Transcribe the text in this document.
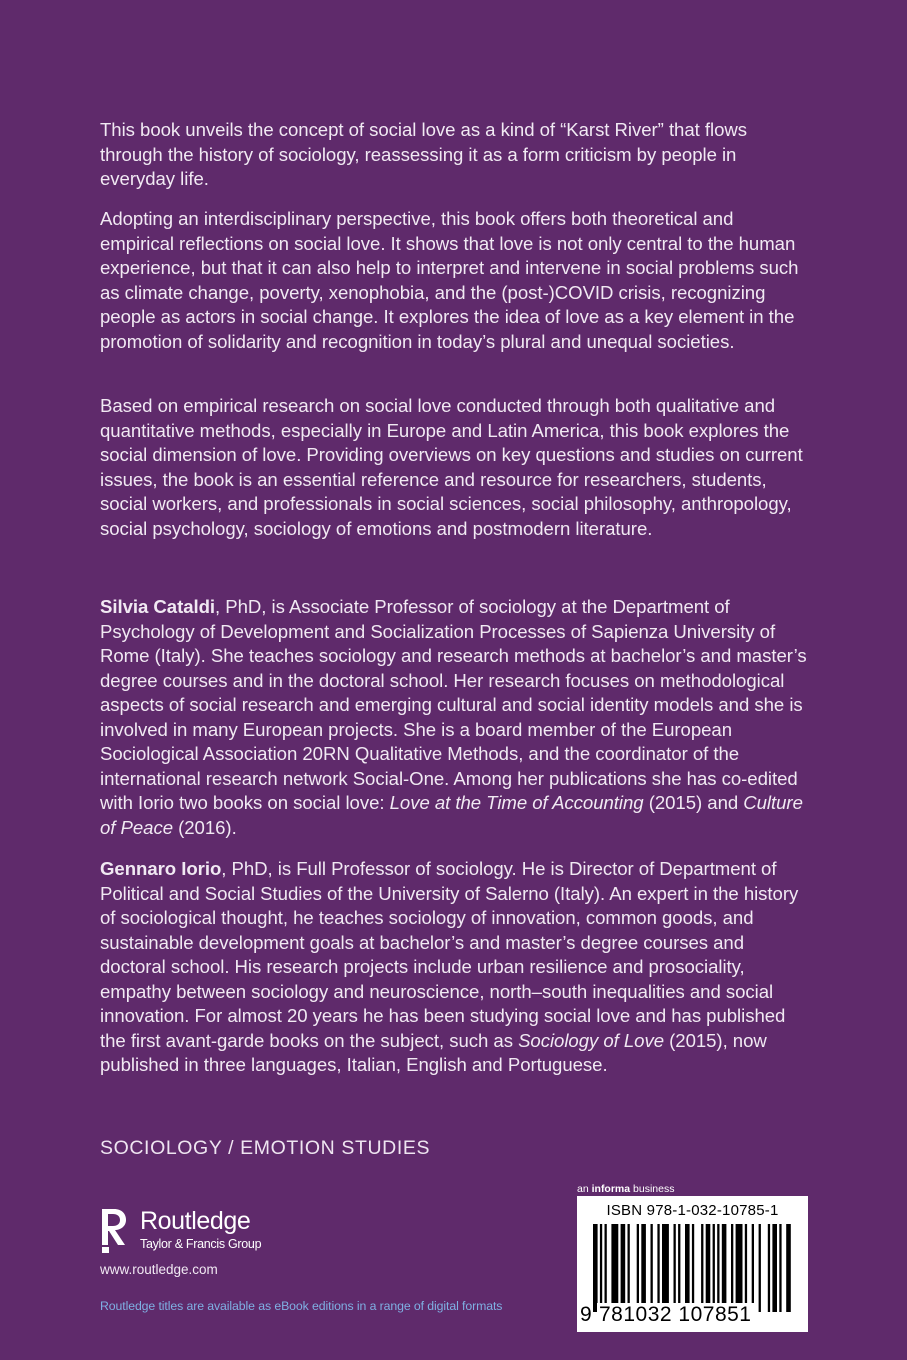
This book unveils the concept of social love as a kind of “Karst River” that flows through the history of sociology, reassessing it as a form criticism by people in everyday life.

Adopting an interdisciplinary perspective, this book offers both theoretical and empirical reflections on social love. It shows that love is not only central to the human experience, but that it can also help to interpret and intervene in social problems such as climate change, poverty, xenophobia, and the (post-)COVID crisis, recognizing people as actors in social change. It explores the idea of love as a key element in the promotion of solidarity and recognition in today’s plural and unequal societies.

Based on empirical research on social love conducted through both qualitative and quantitative methods, especially in Europe and Latin America, this book explores the social dimension of love. Providing overviews on key questions and studies on current issues, the book is an essential reference and resource for researchers, students, social workers, and professionals in social sciences, social philosophy, anthropology, social psychology, sociology of emotions and postmodern literature.

Silvia Cataldi, PhD, is Associate Professor of sociology at the Department of Psychology of Development and Socialization Processes of Sapienza University of Rome (Italy). She teaches sociology and research methods at bachelor’s and master’s degree courses and in the doctoral school. Her research focuses on methodological aspects of social research and emerging cultural and social identity models and she is involved in many European projects. She is a board member of the European Sociological Association 20RN Qualitative Methods, and the coordinator of the international research network Social-One. Among her publications she has co-edited with Iorio two books on social love: Love at the Time of Accounting (2015) and Culture of Peace (2016).

Gennaro Iorio, PhD, is Full Professor of sociology. He is Director of Department of Political and Social Studies of the University of Salerno (Italy). An expert in the history of sociological thought, he teaches sociology of innovation, common goods, and sustainable development goals at bachelor’s and master’s degree courses and doctoral school. His research projects include urban resilience and prosociality, empathy between sociology and neuroscience, north–south inequalities and social innovation. For almost 20 years he has been studying social love and has published the first avant-garde books on the subject, such as Sociology of Love (2015), now published in three languages, Italian, English and Portuguese.

SOCIOLOGY / EMOTION STUDIES
Routledge
Taylor & Francis Group
www.routledge.com
Routledge titles are available as eBook editions in a range of digital formats
an informa business
ISBN 978-1-032-10785-1
9 781032 107851
